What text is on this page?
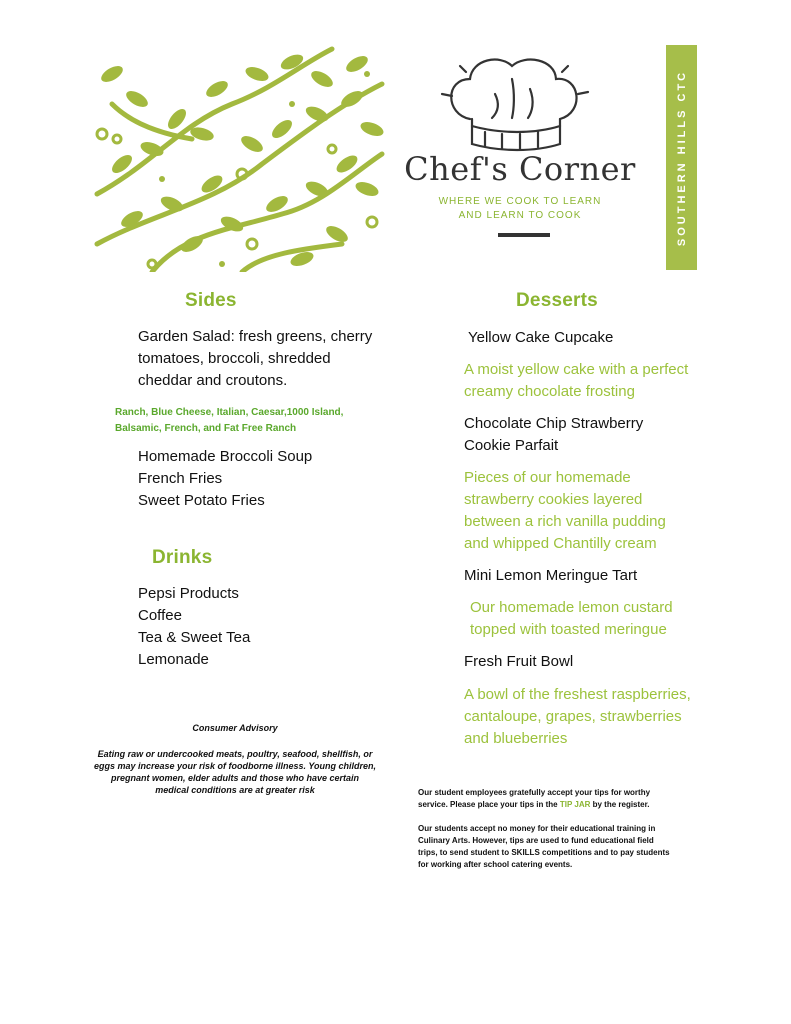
Chef's Corner
WHERE WE COOK TO LEARN
AND LEARN TO COOK	SOUTHERN HILLS CTC
Sides
Garden Salad: fresh greens, cherry
tomatoes, broccoli, shredded
cheddar and croutons.
Ranch, Blue Cheese, Italian, Caesar,1000 Island,
Balsamic, French, and Fat Free Ranch
Homemade Broccoli Soup
French Fries
Sweet Potato Fries
Drinks
Pepsi Products
Coffee
Tea & Sweet Tea
Lemonade
Consumer Advisory
Eating raw or undercooked meats, poultry, seafood, shellfish, or
eggs may increase your risk of foodborne illness. Young children,
pregnant women, elder adults and those who have certain
medical conditions are at greater risk
Desserts
Yellow Cake Cupcake
A moist yellow cake with a perfect
creamy chocolate frosting
Chocolate Chip Strawberry
Cookie Parfait
Pieces of our homemade
strawberry cookies layered
between a rich vanilla pudding
and whipped Chantilly cream
Mini Lemon Meringue Tart
Our homemade lemon custard
topped with toasted meringue
Fresh Fruit Bowl
A bowl of the freshest raspberries,
cantaloupe, grapes, strawberries
and blueberries
Our student employees gratefully accept your tips for worthy
service. Please place your tips in the TIP JAR by the register.
Our students accept no money for their educational training in
Culinary Arts. However, tips are used to fund educational field
trips, to send student to SKILLS competitions and to pay students
for working after school catering events.
